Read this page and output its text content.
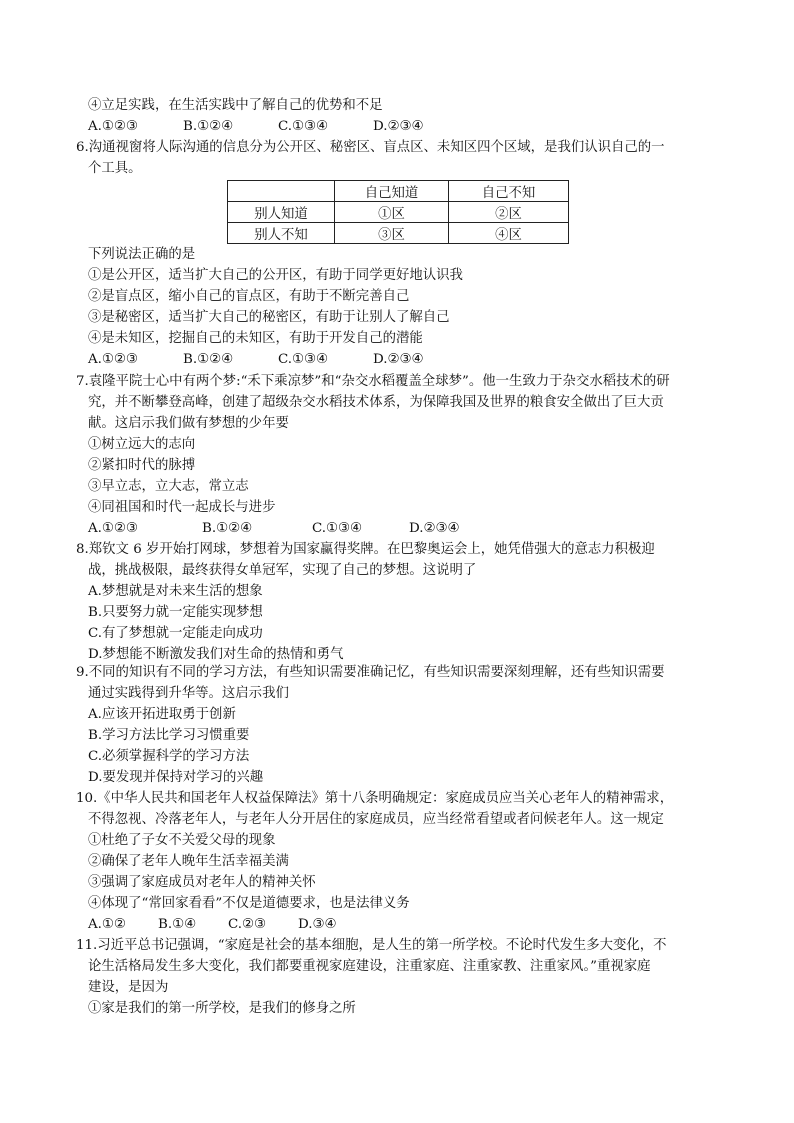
④立足实践，在生活实践中了解自己的优势和不足
A.①②③	B.①②④	C.①③④	D.②③④
6.沟通视窗将人际沟通的信息分为公开区、秘密区、盲点区、未知区四个区域，是我们认识自己的一
个工具。
	自己知道	自己不知
别人知道	①区	②区
别人不知	③区	④区
下列说法正确的是
①是公开区，适当扩大自己的公开区，有助于同学更好地认识我
②是盲点区，缩小自己的盲点区，有助于不断完善自己
③是秘密区，适当扩大自己的秘密区，有助于让别人了解自己
④是未知区，挖掘自己的未知区，有助于开发自己的潜能
A.①②③	B.①②④	C.①③④	D.②③④
7.袁隆平院士心中有两个梦:“禾下乘凉梦”和“杂交水稻覆盖全球梦”。他一生致力于杂交水稻技术的研
究，并不断攀登高峰，创建了超级杂交水稻技术体系，为保障我国及世界的粮食安全做出了巨大贡
献。这启示我们做有梦想的少年要
①树立远大的志向
②紧扣时代的脉搏
③早立志，立大志，常立志
④同祖国和时代一起成长与进步
A.①②③	B.①②④	C.①③④	D.②③④
8.郑钦文 6 岁开始打网球，梦想着为国家赢得奖牌。在巴黎奥运会上，她凭借强大的意志力积极迎
战，挑战极限，最终获得女单冠军，实现了自己的梦想。这说明了
A.梦想就是对未来生活的想象
B.只要努力就一定能实现梦想
C.有了梦想就一定能走向成功
D.梦想能不断激发我们对生命的热情和勇气
9.不同的知识有不同的学习方法，有些知识需要准确记忆，有些知识需要深刻理解，还有些知识需要
通过实践得到升华等。这启示我们
A.应该开拓进取勇于创新
B.学习方法比学习习惯重要
C.必须掌握科学的学习方法
D.要发现并保持对学习的兴趣
10.《中华人民共和国老年人权益保障法》第十八条明确规定：家庭成员应当关心老年人的精神需求，
不得忽视、冷落老年人，与老年人分开居住的家庭成员，应当经常看望或者问候老年人。这一规定
①杜绝了子女不关爱父母的现象
②确保了老年人晚年生活幸福美满
③强调了家庭成员对老年人的精神关怀
④体现了“常回家看看”不仅是道德要求，也是法律义务
A.①② B.①④ C.②③ D.③④
11.习近平总书记强调，“家庭是社会的基本细胞，是人生的第一所学校。不论时代发生多大变化，不
论生活格局发生多大变化，我们都要重视家庭建设，注重家庭、注重家教、注重家风。”重视家庭
建设，是因为
①家是我们的第一所学校，是我们的修身之所
